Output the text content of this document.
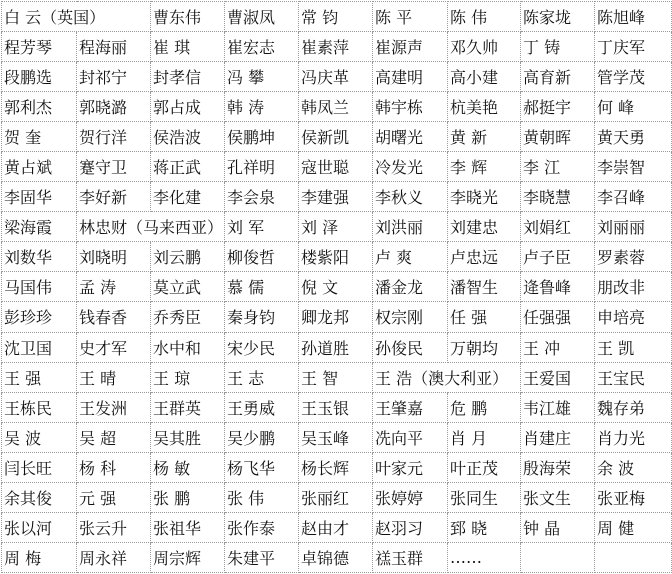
白 云（英国）		曹东伟	曹淑凤	常 钧	陈 平	陈 伟	陈家垅	陈旭峰
程芳琴	程海丽	崔 琪	崔宏志	崔素萍	崔源声	邓久帅	丁 铸	丁庆军
段鹏选	封祁宁	封孝信	冯 攀	冯庆革	高建明	高小建	高育新	管学茂
郭利杰	郭晓潞	郭占成	韩 涛	韩凤兰	韩宇栋	杭美艳	郝挺宇	何 峰
贺 奎	贺行洋	侯浩波	侯鹏坤	侯新凯	胡曙光	黄 新	黄朝晖	黄天勇
黄占斌	蹇守卫	蒋正武	孔祥明	寇世聪	冷发光	李 辉	李 江	李崇智
李固华	李好新	李化建	李会泉	李建强	李秋义	李晓光	李晓慧	李召峰
梁海霞	林忠财（马来西亚）		刘 军	刘 泽	刘洪丽	刘建忠	刘娟红	刘丽丽
刘数华	刘晓明	刘云鹏	柳俊哲	楼紫阳	卢 爽	卢忠远	卢子臣	罗素蓉
马国伟	孟 涛	莫立武	慕 儒	倪 文	潘金龙	潘智生	逄鲁峰	朋改非
彭珍珍	钱春香	乔秀臣	秦身钧	卿龙邦	权宗刚	任 强	任强强	申培亮
沈卫国	史才军	水中和	宋少民	孙道胜	孙俊民	万朝均	王 冲	王 凯
王 强	王 晴	王 琼	王 志	王 智	王 浩（澳大利亚）		王爱国	王宝民
王栋民	王发洲	王群英	王勇威	王玉银	王肇嘉	危 鹏	韦江雄	魏存弟
吴 波	吴 超	吴其胜	吴少鹏	吴玉峰	冼向平	肖 月	肖建庄	肖力光
闫长旺	杨 科	杨 敏	杨飞华	杨长辉	叶家元	叶正茂	殷海荣	余 波
余其俊	元 强	张 鹏	张 伟	张丽红	张婷婷	张同生	张文生	张亚梅
张以河	张云升	张祖华	张作泰	赵由才	赵羽习	郅 晓	钟 晶	周 健
周 梅	周永祥	周宗辉	朱建平	卓锦德	禚玉群	……		
